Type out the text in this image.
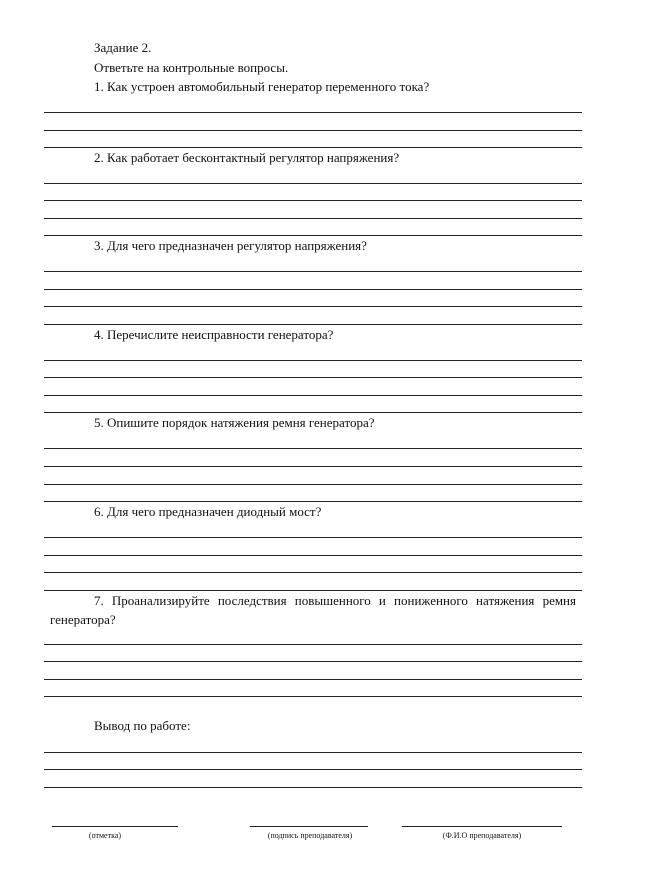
Задание 2.
Ответьте на контрольные вопросы.
1. Как устроен автомобильный генератор переменного тока?
2. Как работает бесконтактный регулятор напряжения?
3. Для чего предназначен регулятор напряжения?
4. Перечислите неисправности генератора?
5. Опишите порядок натяжения ремня генератора?
6. Для чего предназначен диодный мост?
7. Проанализируйте последствия повышенного и пониженного натяжения ремня генератора?
Вывод по работе:
(отметка)	(подпись преподавателя)	(Ф.И.О преподавателя)
